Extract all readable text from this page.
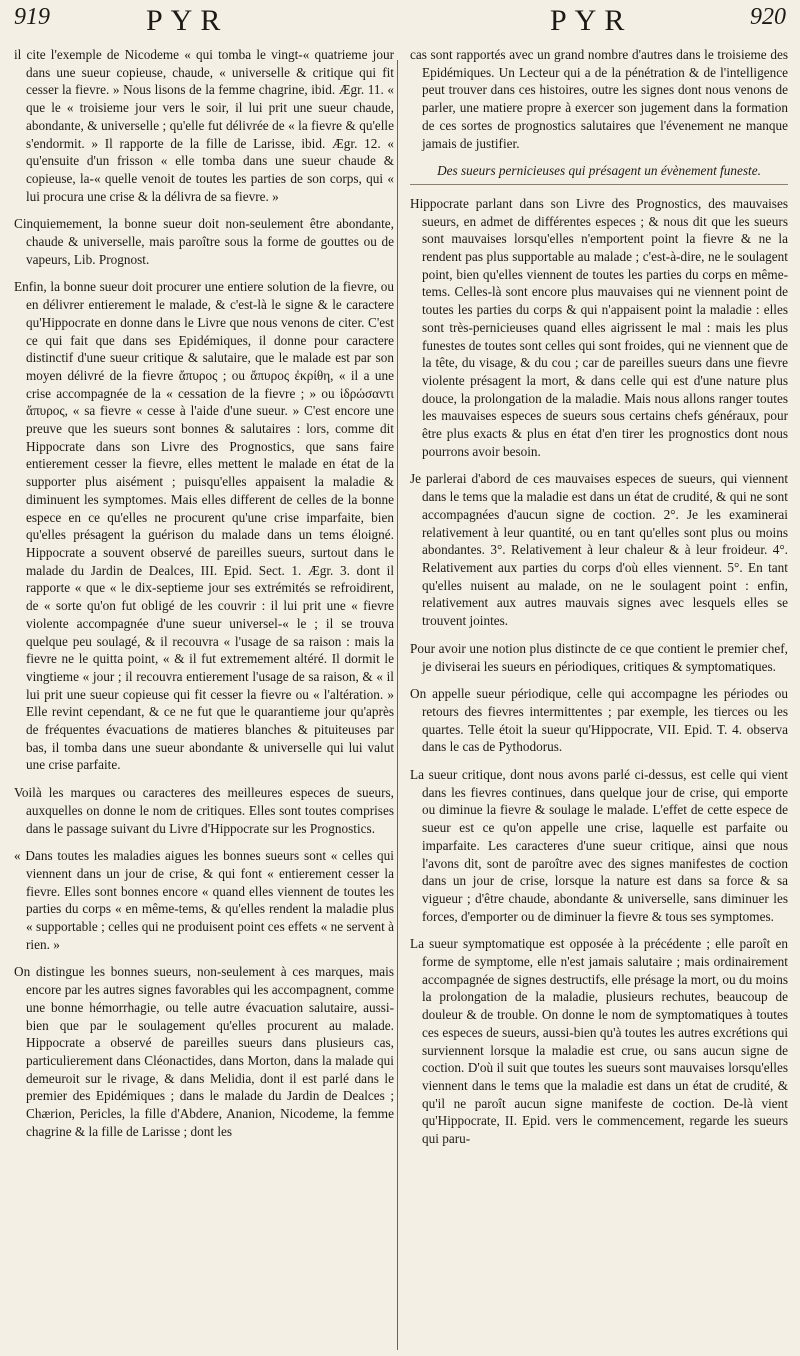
919	PYR	PYR	920

il cite l'exemple de Nicodeme « qui tomba le vingt-« quatrieme jour dans une sueur copieuse, chaude, « universelle & critique qui fit cesser la fievre. » Nous lisons de la femme chagrine, ibid. Ægr. 11. « que le « troisieme jour vers le soir, il lui prit une sueur chaude, abondante, & universelle ; qu'elle fut délivrée de « la fievre & qu'elle s'endormit. » Il rapporte de la fille de Larisse, ibid. Ægr. 12. « qu'ensuite d'un frisson « elle tomba dans une sueur chaude & copieuse, la-« quelle venoit de toutes les parties de son corps, qui « lui procura une crise & la délivra de sa fievre. »

Cinquiemement, la bonne sueur doit non-seulement être abondante, chaude & universelle, mais paroître sous la forme de gouttes ou de vapeurs, Lib. Prognost.

Enfin, la bonne sueur doit procurer une entiere solution de la fievre, ou en délivrer entierement le malade, & c'est-là le signe & le caractere qu'Hippocrate en donne dans le Livre que nous venons de citer. C'est ce qui fait que dans ses Epidémiques, il donne pour caractere distinctif d'une sueur critique & salutaire, que le malade est par son moyen délivré de la fievre ἄπυρος ; ou ἄπυρος ἐκρίθη, « il a une crise accompagnée de la « cessation de la fievre ; » ou ἱδρώσαντι ἄπυρος, « sa fievre « cesse à l'aide d'une sueur. » C'est encore une preuve que les sueurs sont bonnes & salutaires : lors, comme dit Hippocrate dans son Livre des Prognostics, que sans faire entierement cesser la fievre, elles mettent le malade en état de la supporter plus aisément ; puisqu'elles appaisent la maladie & diminuent les symptomes. Mais elles different de celles de la bonne espece en ce qu'elles ne procurent qu'une crise imparfaite, bien qu'elles présagent la guérison du malade dans un tems éloigné. Hippocrate a souvent observé de pareilles sueurs, surtout dans le malade du Jardin de Dealces, III. Epid. Sect. 1. Ægr. 3. dont il rapporte « que « le dix-septieme jour ses extrémités se refroidirent, de « sorte qu'on fut obligé de les couvrir : il lui prit une « fievre violente accompagnée d'une sueur universel-« le ; il se trouva quelque peu soulagé, & il recouvra « l'usage de sa raison : mais la fievre ne le quitta point, « & il fut extremement altéré. Il dormit le vingtieme « jour ; il recouvra entierement l'usage de sa raison, & « il lui prit une sueur copieuse qui fit cesser la fievre ou « l'altération. » Elle revint cependant, & ce ne fut que le quarantieme jour qu'après de fréquentes évacuations de matieres blanches & pituiteuses par bas, il tomba dans une sueur abondante & universelle qui lui valut une crise parfaite.

Voilà les marques ou caracteres des meilleures especes de sueurs, auxquelles on donne le nom de critiques. Elles sont toutes comprises dans le passage suivant du Livre d'Hippocrate sur les Prognostics.

« Dans toutes les maladies aigues les bonnes sueurs sont « celles qui viennent dans un jour de crise, & qui font « entierement cesser la fievre. Elles sont bonnes encore « quand elles viennent de toutes les parties du corps « en même-tems, & qu'elles rendent la maladie plus « supportable ; celles qui ne produisent point ces effets « ne servent à rien. »

On distingue les bonnes sueurs, non-seulement à ces marques, mais encore par les autres signes favorables qui les accompagnent, comme une bonne hémorrhagie, ou telle autre évacuation salutaire, aussi-bien que par le soulagement qu'elles procurent au malade. Hippocrate a observé de pareilles sueurs dans plusieurs cas, particulierement dans Cléonactides, dans Morton, dans la malade qui demeuroit sur le rivage, & dans Melidia, dont il est parlé dans le premier des Epidémiques ; dans le malade du Jardin de Dealces ; Chærion, Pericles, la fille d'Abdere, Ananion, Nicodeme, la femme chagrine & la fille de Larisse ; dont les

cas sont rapportés avec un grand nombre d'autres dans le troisieme des Epidémiques. Un Lecteur qui a de la pénétration & de l'intelligence peut trouver dans ces histoires, outre les signes dont nous venons de parler, une matiere propre à exercer son jugement dans la formation de ces sortes de prognostics salutaires que l'évenement ne manque jamais de justifier.

Des sueurs pernicieuses qui présagent un évènement funeste.

Hippocrate parlant dans son Livre des Prognostics, des mauvaises sueurs, en admet de différentes especes ; & nous dit que les sueurs sont mauvaises lorsqu'elles n'emportent point la fievre & ne la rendent pas plus supportable au malade ; c'est-à-dire, ne le soulagent point, bien qu'elles viennent de toutes les parties du corps en même-tems. Celles-là sont encore plus mauvaises qui ne viennent point de toutes les parties du corps & qui n'appaisent point la maladie : elles sont très-pernicieuses quand elles aigrissent le mal : mais les plus funestes de toutes sont celles qui sont froides, qui ne viennent que de la tête, du visage, & du cou ; car de pareilles sueurs dans une fievre violente présagent la mort, & dans celle qui est d'une nature plus douce, la prolongation de la maladie. Mais nous allons ranger toutes les mauvaises especes de sueurs sous certains chefs généraux, pour être plus exacts & plus en état d'en tirer les prognostics dont nous pourrons avoir besoin.

Je parlerai d'abord de ces mauvaises especes de sueurs, qui viennent dans le tems que la maladie est dans un état de crudité, & qui ne sont accompagnées d'aucun signe de coction. 2°. Je les examinerai relativement à leur quantité, ou en tant qu'elles sont plus ou moins abondantes. 3°. Relativement à leur chaleur & à leur froideur. 4°. Relativement aux parties du corps d'où elles viennent. 5°. En tant qu'elles nuisent au malade, on ne le soulagent point : enfin, relativement aux autres mauvais signes avec lesquels elles se trouvent jointes.

Pour avoir une notion plus distincte de ce que contient le premier chef, je diviserai les sueurs en périodiques, critiques & symptomatiques.

On appelle sueur périodique, celle qui accompagne les périodes ou retours des fievres intermittentes ; par exemple, les tierces ou les quartes. Telle étoit la sueur qu'Hippocrate, VII. Epid. T. 4. observa dans le cas de Pythodorus.

La sueur critique, dont nous avons parlé ci-dessus, est celle qui vient dans les fievres continues, dans quelque jour de crise, qui emporte ou diminue la fievre & soulage le malade. L'effet de cette espece de sueur est ce qu'on appelle une crise, laquelle est parfaite ou imparfaite. Les caracteres d'une sueur critique, ainsi que nous l'avons dit, sont de paroître avec des signes manifestes de coction dans un jour de crise, lorsque la nature est dans sa force & sa vigueur ; d'être chaude, abondante & universelle, sans diminuer les forces, d'emporter ou de diminuer la fievre & tous ses symptomes.

La sueur symptomatique est opposée à la précédente ; elle paroît en forme de symptome, elle n'est jamais salutaire ; mais ordinairement accompagnée de signes destructifs, elle présage la mort, ou du moins la prolongation de la maladie, plusieurs rechutes, beaucoup de douleur & de trouble. On donne le nom de symptomatiques à toutes ces especes de sueurs, aussi-bien qu'à toutes les autres excrétions qui surviennent lorsque la maladie est crue, ou sans aucun signe de coction. D'où il suit que toutes les sueurs sont mauvaises lorsqu'elles viennent dans le tems que la maladie est dans un état de crudité, & qu'il ne paroît aucun signe manifeste de coction. De-là vient qu'Hippocrate, II. Epid. vers le commencement, regarde les sueurs qui paru-
